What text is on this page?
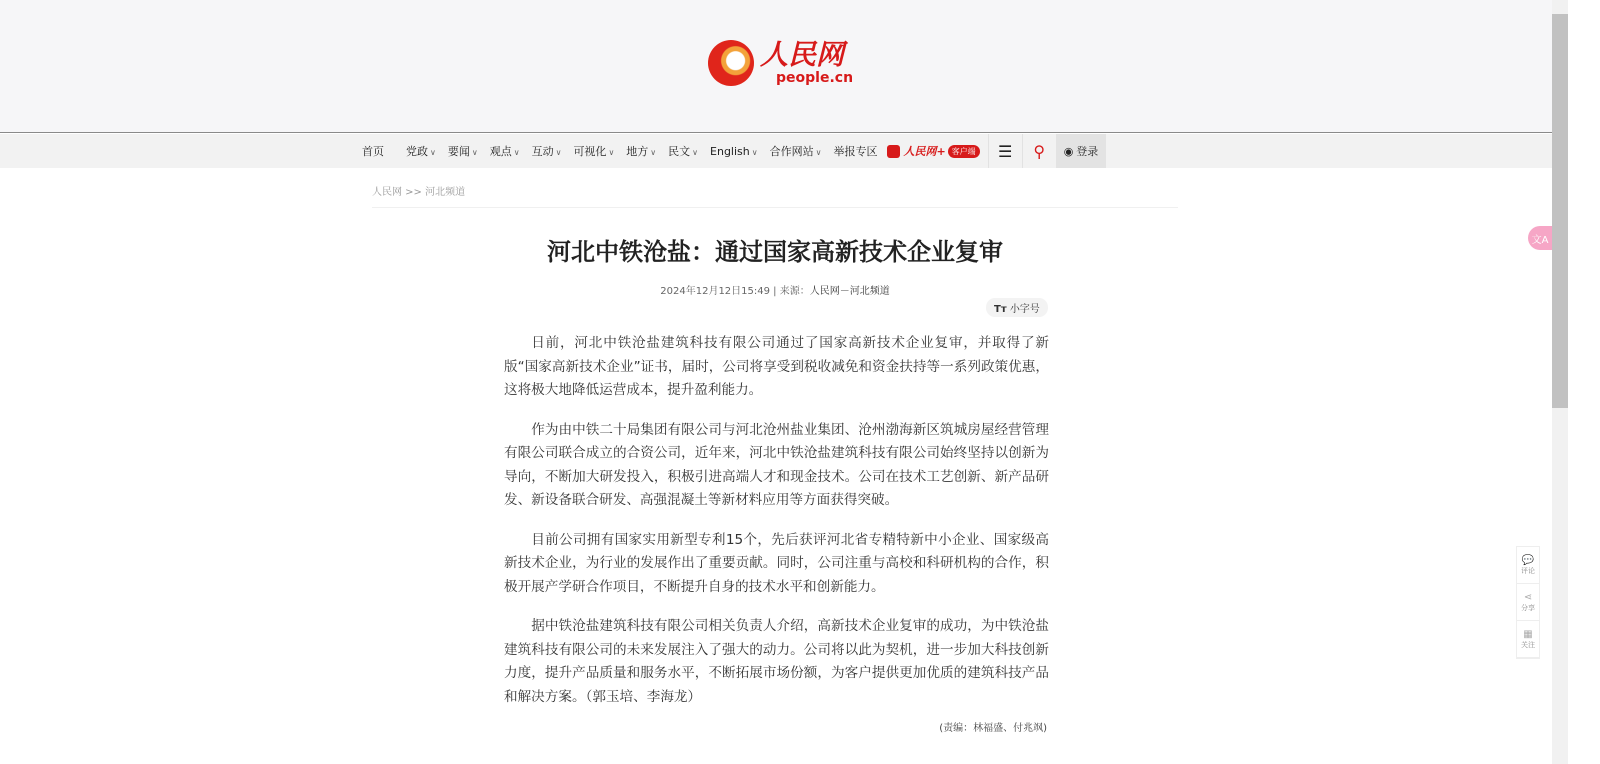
人民网
people.cn
首页 党政 ∨ 要闻 ∨ 观点 ∨ 互动 ∨ 可视化 ∨ 地方 ∨ 民文 ∨ English ∨ 合作网站 ∨ 举报专区 人民网+ 客户端	☰	⚲	◉ 登录
人民网 >> 河北频道
河北中铁沧盐：通过国家高新技术企业复审
2024年12月12日15:49 | 来源：人民网－河北频道
Tт 小字号

日前，河北中铁沧盐建筑科技有限公司通过了国家高新技术企业复审，并取得了新版“国家高新技术企业”证书，届时，公司将享受到税收减免和资金扶持等一系列政策优惠，这将极大地降低运营成本，提升盈利能力。

作为由中铁二十局集团有限公司与河北沧州盐业集团、沧州渤海新区筑城房屋经营管理有限公司联合成立的合资公司，近年来，河北中铁沧盐建筑科技有限公司始终坚持以创新为导向，不断加大研发投入，积极引进高端人才和现金技术。公司在技术工艺创新、新产品研发、新设备联合研发、高强混凝土等新材料应用等方面获得突破。

目前公司拥有国家实用新型专利15个，先后获评河北省专精特新中小企业、国家级高新技术企业，为行业的发展作出了重要贡献。同时，公司注重与高校和科研机构的合作，积极开展产学研合作项目，不断提升自身的技术水平和创新能力。

据中铁沧盐建筑科技有限公司相关负责人介绍，高新技术企业复审的成功，为中铁沧盐建筑科技有限公司的未来发展注入了强大的动力。公司将以此为契机，进一步加大科技创新力度，提升产品质量和服务水平，不断拓展市场份额，为客户提供更加优质的建筑科技产品和解决方案。（郭玉培、李海龙）

(责编：林福盛、付兆飒)
文A
💬
评论
⋖
分享
▦
关注
